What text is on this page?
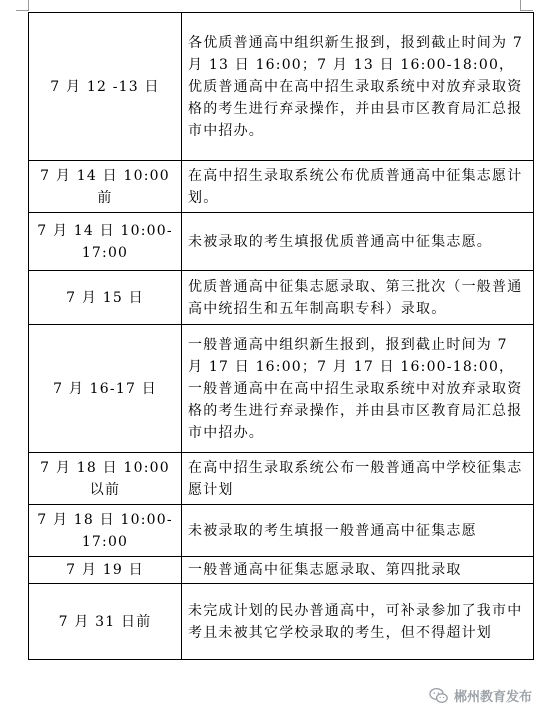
7 月 12 -13 日	各优质普通高中组织新生报到，报到截止时间为 7 月 13 日 16:00；7 月 13 日 16:00-18:00，优质普通高中在高中招生录取系统中对放弃录取资格的考生进行弃录操作，并由县市区教育局汇总报市中招办。
7 月 14 日 10:00 前	在高中招生录取系统公布优质普通高中征集志愿计划。
7 月 14 日 10:00-17:00	未被录取的考生填报优质普通高中征集志愿。
7 月 15 日	优质普通高中征集志愿录取、第三批次（一般普通高中统招生和五年制高职专科）录取。
7 月 16-17 日	一般普通高中组织新生报到，报到截止时间为 7 月 17 日 16:00；7 月 17 日 16:00-18:00，一般普通高中在高中招生录取系统中对放弃录取资格的考生进行弃录操作，并由县市区教育局汇总报市中招办。
7 月 18 日 10:00 以前	在高中招生录取系统公布一般普通高中学校征集志愿计划
7 月 18 日 10:00-17:00	未被录取的考生填报一般普通高中征集志愿
7 月 19 日	一般普通高中征集志愿录取、第四批录取
7 月 31 日前	未完成计划的民办普通高中，可补录参加了我市中考且未被其它学校录取的考生，但不得超计划
郴州教育发布
